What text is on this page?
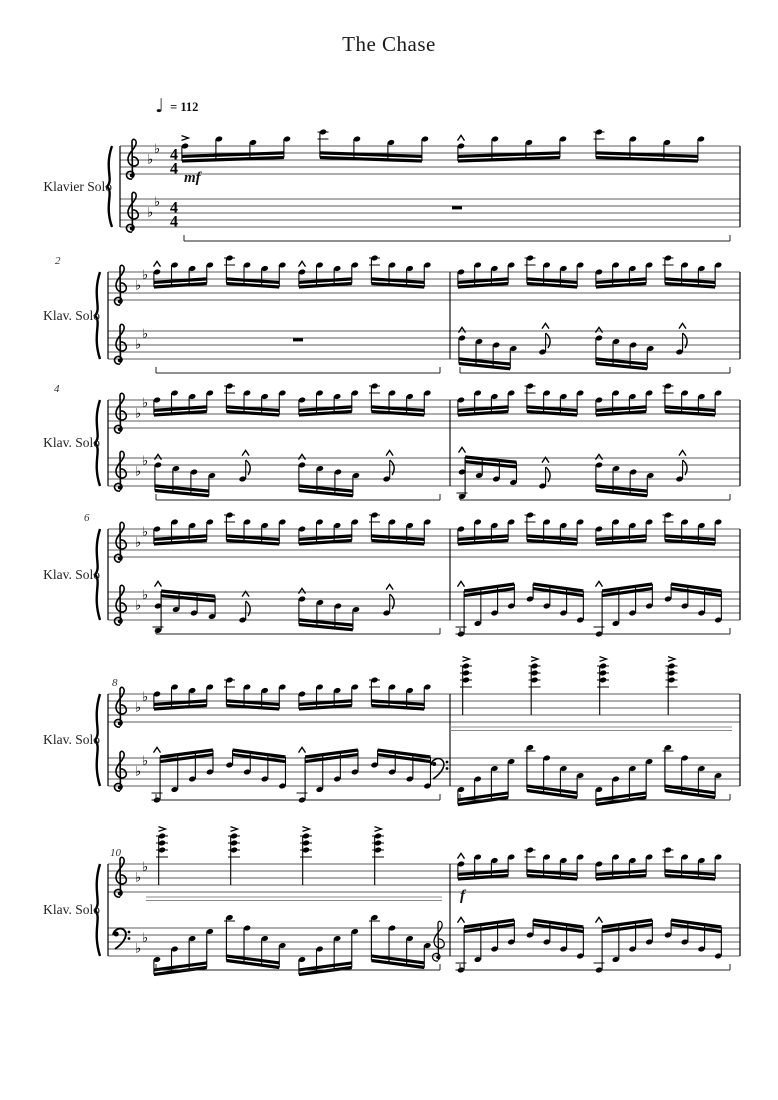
The Chase
♭
♭
♭
♭
4
4
4
4
♭
♭
♭
♭
♭
♭
♭
♭
♭
♭
♭
♭
♭
♭
♭
♭
♭
♭
♭
♭
Klavier Solo
♩ = 112
mf
Klav. Solo
2
Klav. Solo
4
Klav. Solo
6
Klav. Solo
8
Klav. Solo
10
f
